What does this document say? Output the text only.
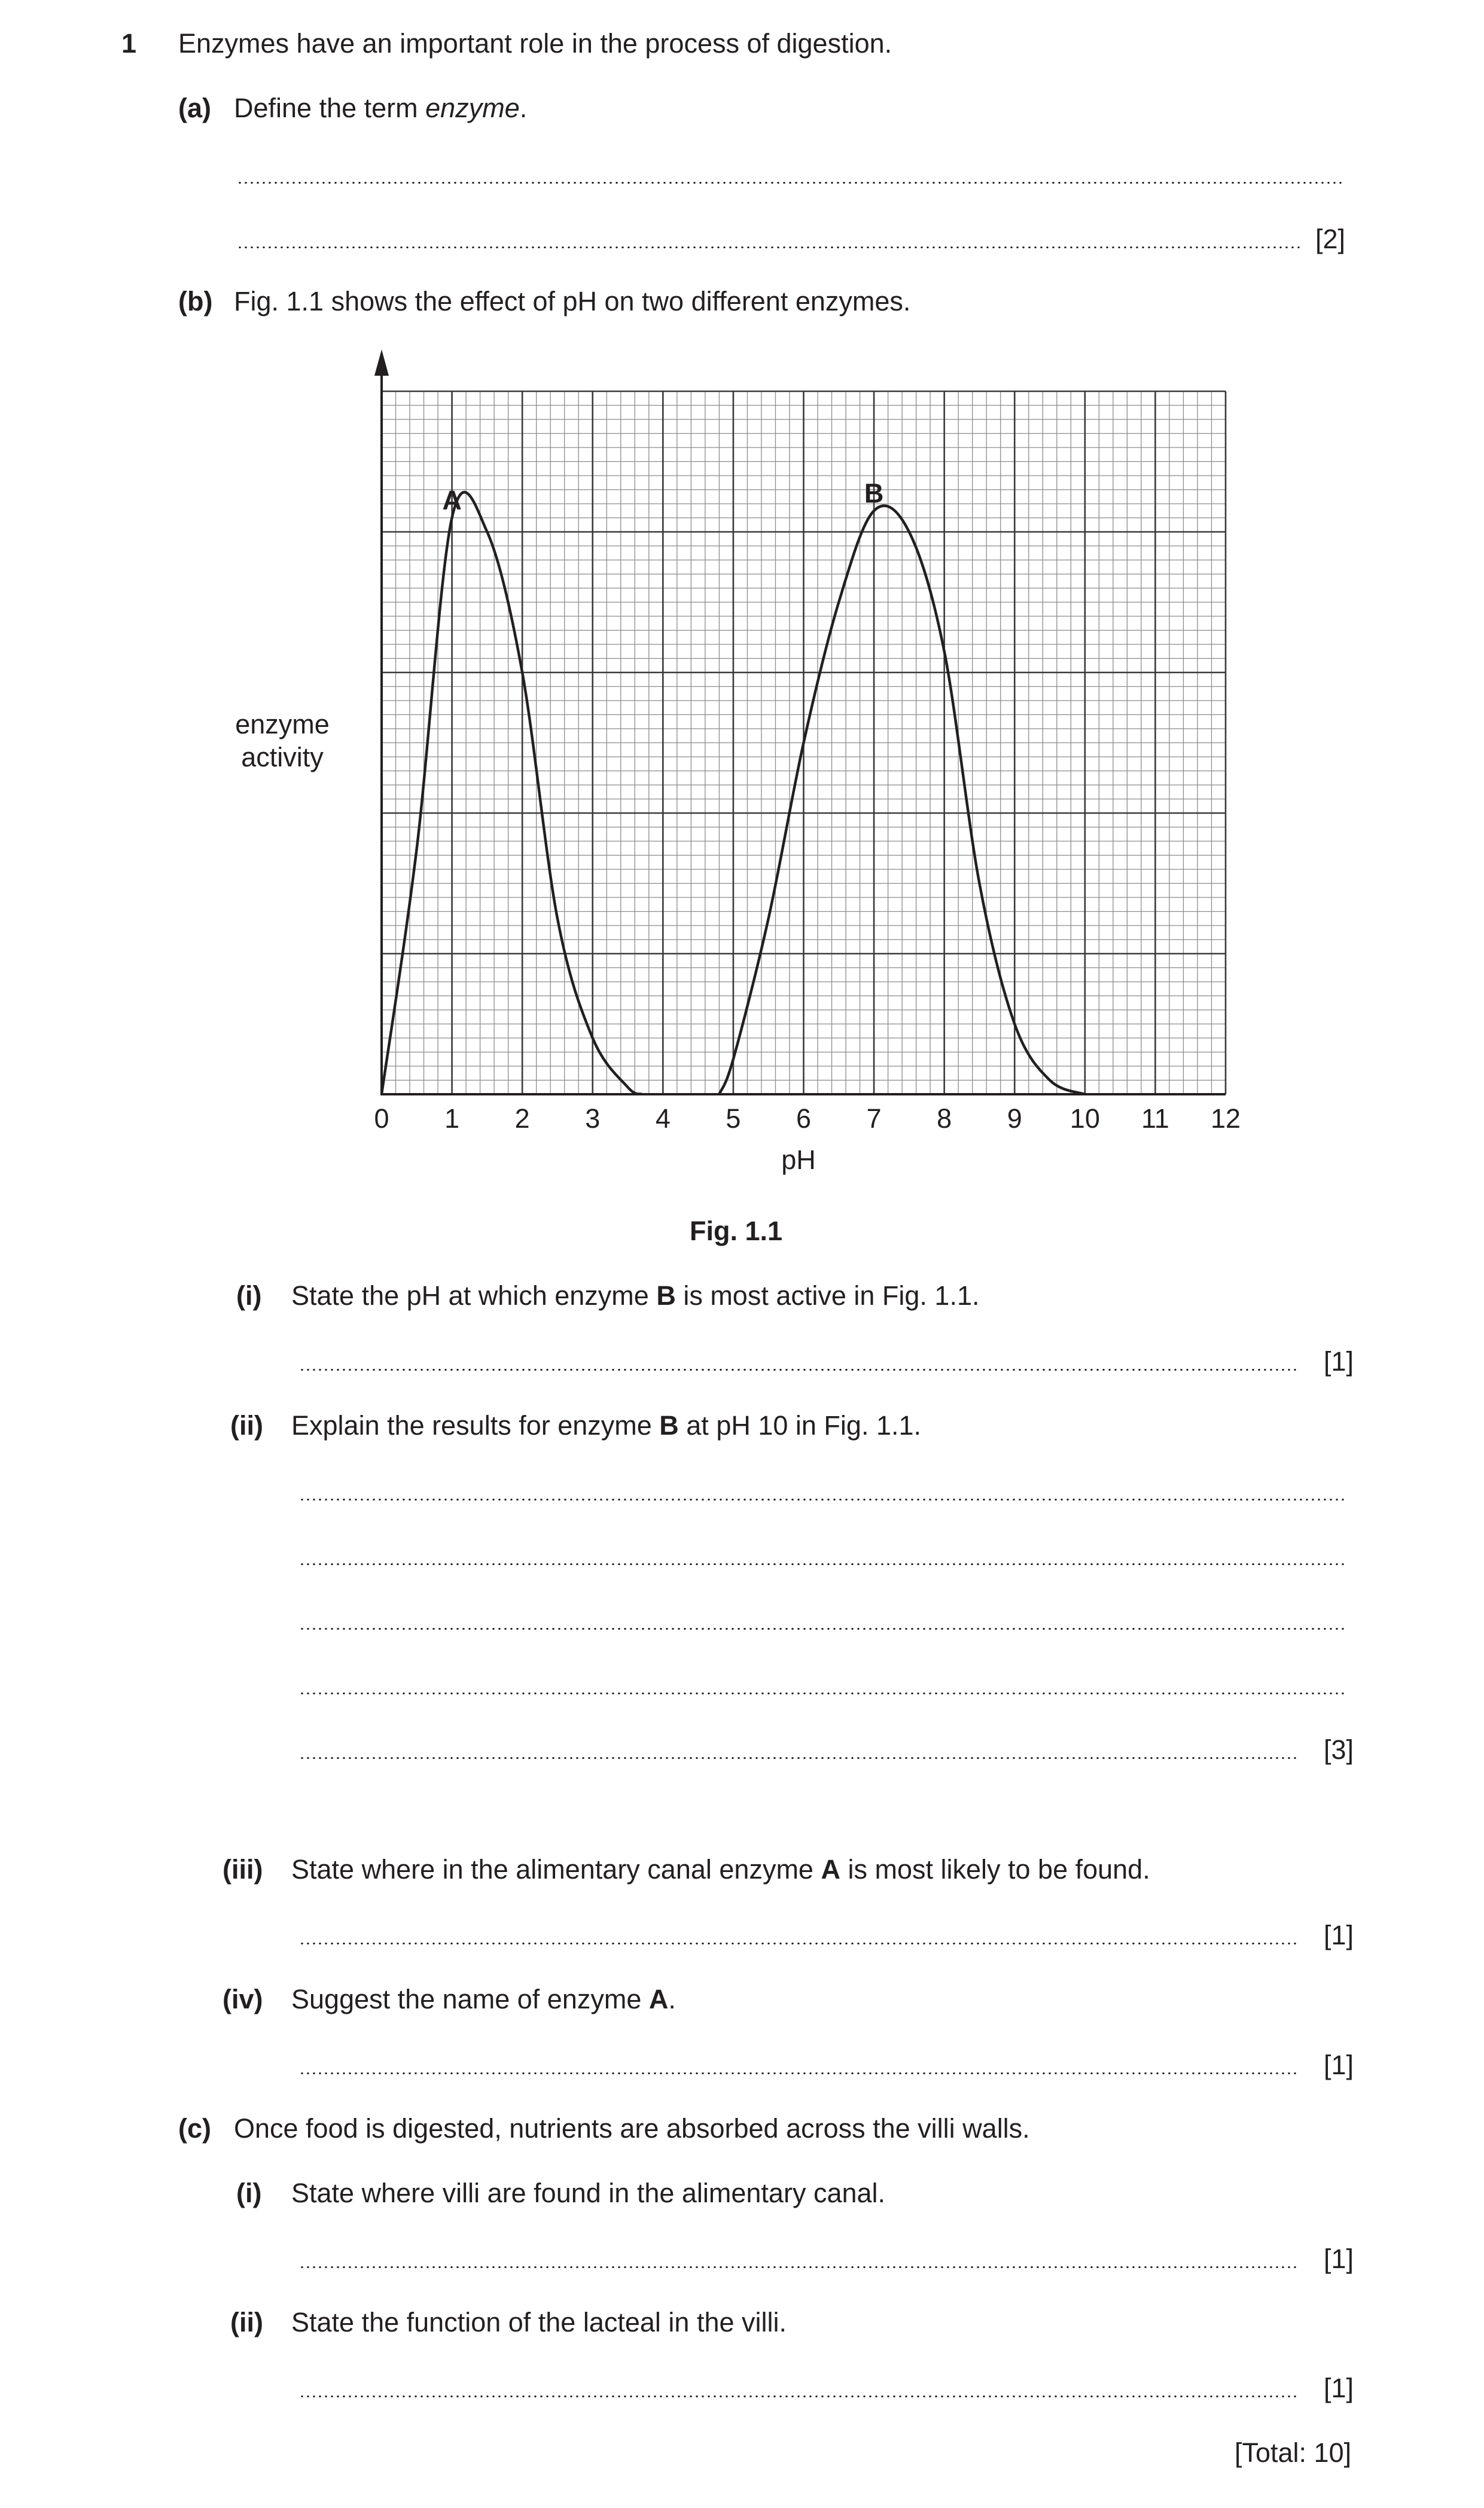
1 Enzymes have an important role in the process of digestion.
(a) Define the term enzyme.
[2]
(b) Fig. 1.1 shows the effect of pH on two different enzymes.
0 1 2 3 4 5 6 7 8 9 10 11 12
A	B
pH
enzyme
activity
Fig. 1.1
(i) State the pH at which enzyme B is most active in Fig. 1.1.
[1]
(ii) Explain the results for enzyme B at pH 10 in Fig. 1.1.
[3]
(iii) State where in the alimentary canal enzyme A is most likely to be found.
[1]
(iv) Suggest the name of enzyme A.
[1]
(c) Once food is digested, nutrients are absorbed across the villi walls.
(i) State where villi are found in the alimentary canal.
[1]
(ii) State the function of the lacteal in the villi.
[1]
[Total: 10]
